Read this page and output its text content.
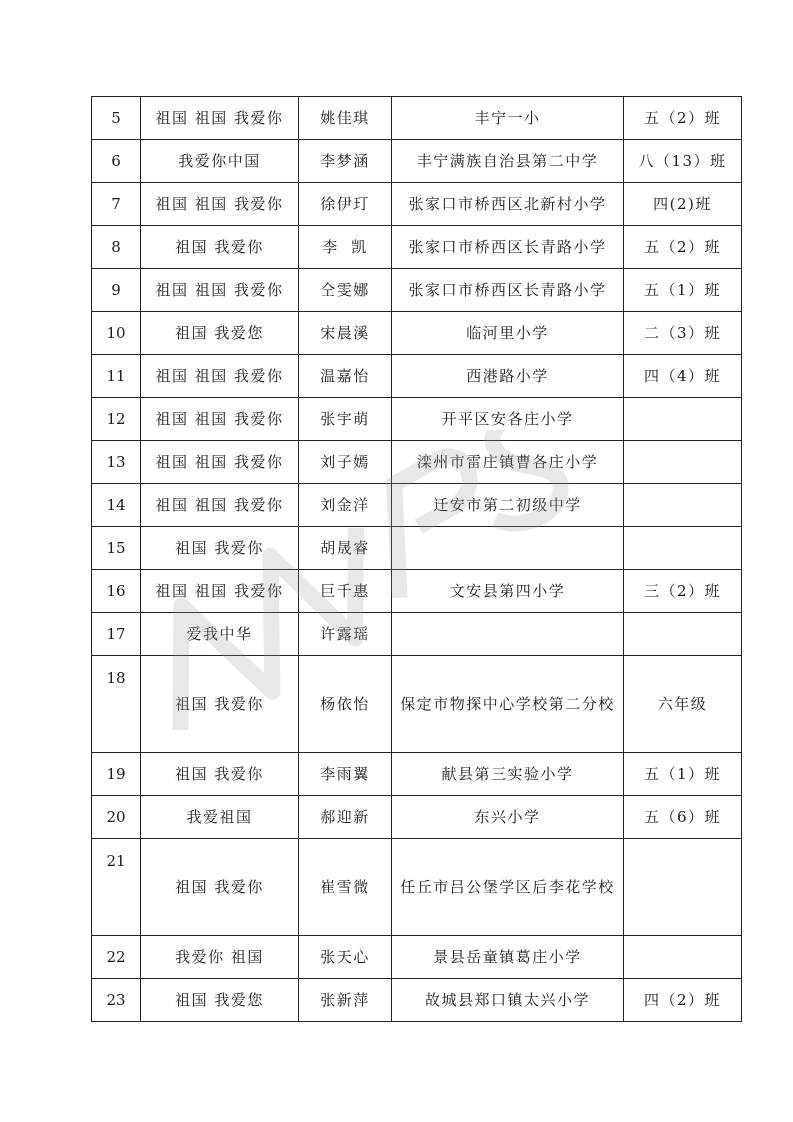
5	祖国 祖国 我爱你	姚佳琪	丰宁一小	五（2）班
6	我爱你中国	李梦涵	丰宁满族自治县第二中学	八（13）班
7	祖国 祖国 我爱你	徐伊玎	张家口市桥西区北新村小学	四(2)班
8	祖国 我爱你	李  凯	张家口市桥西区长青路小学	五（2）班
9	祖国 祖国 我爱你	仝雯娜	张家口市桥西区长青路小学	五（1）班
10	祖国 我爱您	宋晨溪	临河里小学	二（3）班
11	祖国 祖国 我爱你	温嘉怡	西港路小学	四（4）班
12	祖国 祖国 我爱你	张宇萌	开平区安各庄小学	
13	祖国 祖国 我爱你	刘子嫣	滦州市雷庄镇曹各庄小学	
14	祖国 祖国 我爱你	刘金洋	迁安市第二初级中学	
15	祖国 我爱你	胡晟睿		
16	祖国 祖国 我爱你	巨千惠	文安县第四小学	三（2）班
17	爱我中华	许露瑶		
18	祖国 我爱你	杨依怡	保定市物探中心学校第二分校	六年级
19	祖国 我爱你	李雨翼	献县第三实验小学	五（1）班
20	我爱祖国	郝迎新	东兴小学	五（6）班
21	祖国 我爱你	崔雪微	任丘市吕公堡学区后李花学校	
22	我爱你 祖国	张天心	景县岳童镇葛庄小学	
23	祖国 我爱您	张新萍	故城县郑口镇太兴小学	四（2）班
